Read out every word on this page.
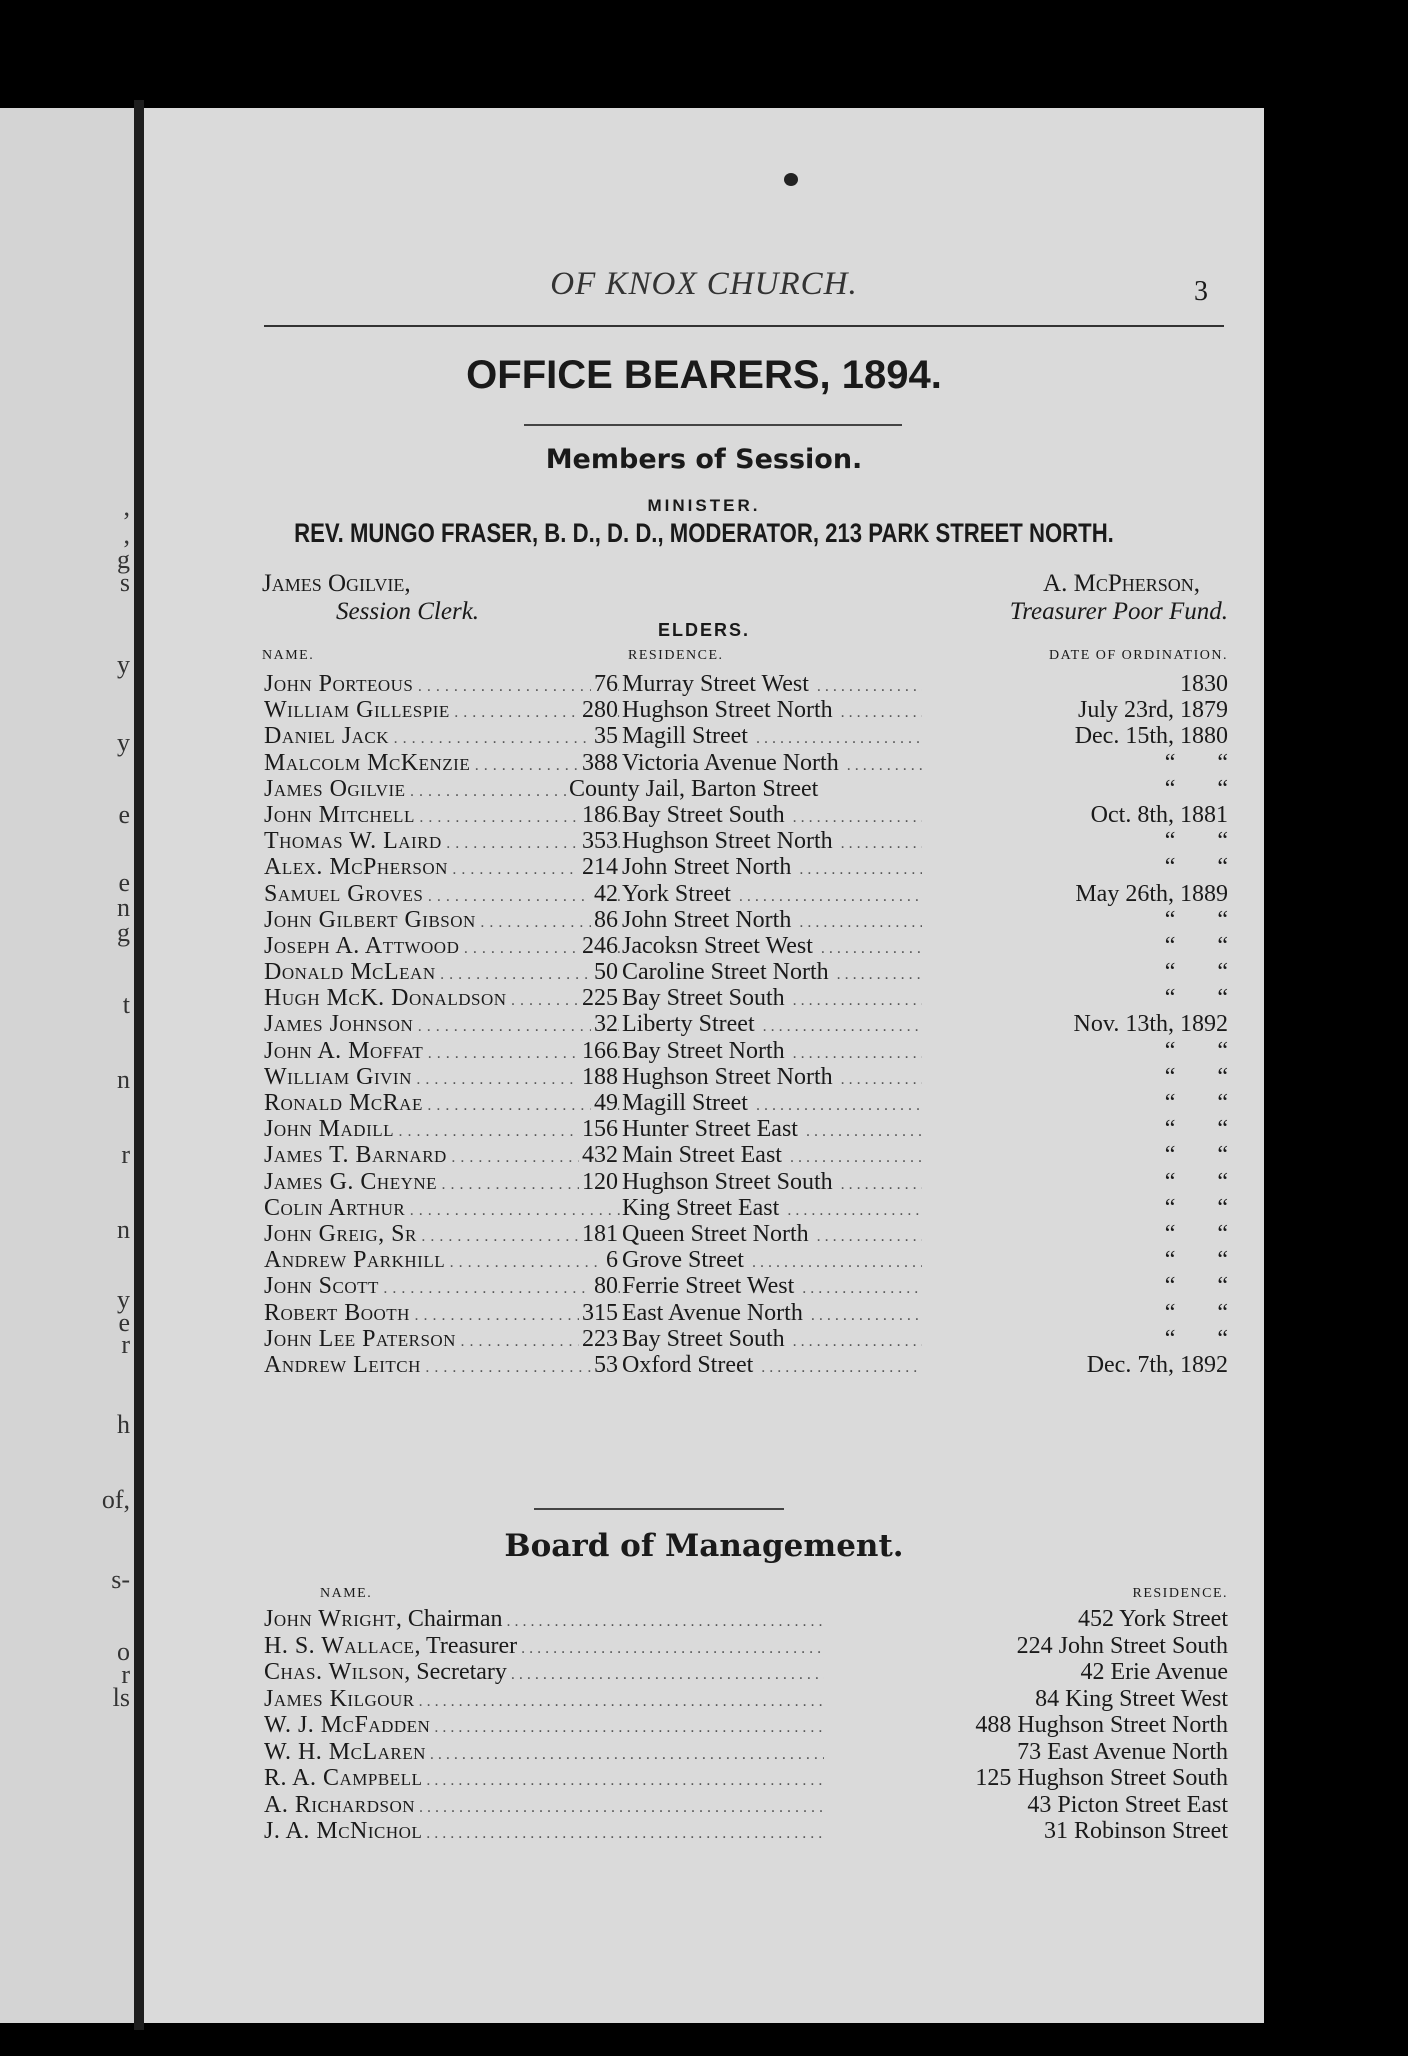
,
,
g
s
y
y
e
e
n
g
t
n
r
n
y
e
r
h
of,
s-
o
r
ls
OF KNOX CHURCH.	3
OFFICE BEARERS, 1894.
Members of Session.
MINISTER.
REV. MUNGO FRASER, B. D., D. D., MODERATOR, 213 PARK STREET NORTH.
James Ogilvie,
Session Clerk.
A. McPherson,
Treasurer Poor Fund.
ELDERS.
NAME.	RESIDENCE.	DATE OF ORDINATION.
John Porteous . . .	76 Murray Street West . . .	1830
William Gillespie . . .	280 Hughson Street North . . .	July 23rd, 1879
Daniel Jack . . .	35 Magill Street . . .	Dec. 15th, 1880
Malcolm McKenzie . . .	388 Victoria Avenue North . . .	“       “
James Ogilvie . . .	County Jail, Barton Street	“       “
John Mitchell . . .	186 Bay Street South . . .	Oct. 8th, 1881
Thomas W. Laird . . .	353 Hughson Street North . . .	“       “
Alex. McPherson . . .	214 John Street North . . .	“       “
Samuel Groves . . .	42 York Street . . .	May 26th, 1889
John Gilbert Gibson . . .	86 John Street North . . .	“       “
Joseph A. Attwood . . .	246 Jacoksn Street West . . .	“       “
Donald McLean . . .	50 Caroline Street North . . .	“       “
Hugh McK. Donaldson . . .	225 Bay Street South . . .	“       “
James Johnson . . .	32 Liberty Street . . .	Nov. 13th, 1892
John A. Moffat . . .	166 Bay Street North . . .	“       “
William Givin . . .	188 Hughson Street North . . .	“       “
Ronald McRae . . .	49 Magill Street . . .	“       “
John Madill . . .	156 Hunter Street East . . .	“       “
James T. Barnard . . .	432 Main Street East . . .	“       “
James G. Cheyne . . .	120 Hughson Street South . . .	“       “
Colin Arthur . . .	King Street East . . .	“       “
John Greig, Sr . . .	181 Queen Street North . . .	“       “
Andrew Parkhill . . .	6 Grove Street . . .	“       “
John Scott . . .	80 Ferrie Street West . . .	“       “
Robert Booth . . .	315 East Avenue North . . .	“       “
John Lee Paterson . . .	223 Bay Street South . . .	“       “
Andrew Leitch . . .	53 Oxford Street . . .	Dec. 7th, 1892
Board of Management.
NAME.	RESIDENCE.
John Wright, Chairman . . .	452 York Street
H. S. Wallace, Treasurer . . .	224 John Street South
Chas. Wilson, Secretary . . .	42 Erie Avenue
James Kilgour . . .	84 King Street West
W. J. McFadden . . .	488 Hughson Street North
W. H. McLaren . . .	73 East Avenue North
R. A. Campbell . . .	125 Hughson Street South
A. Richardson . . .	43 Picton Street East
J. A. McNichol . . .	31 Robinson Street
